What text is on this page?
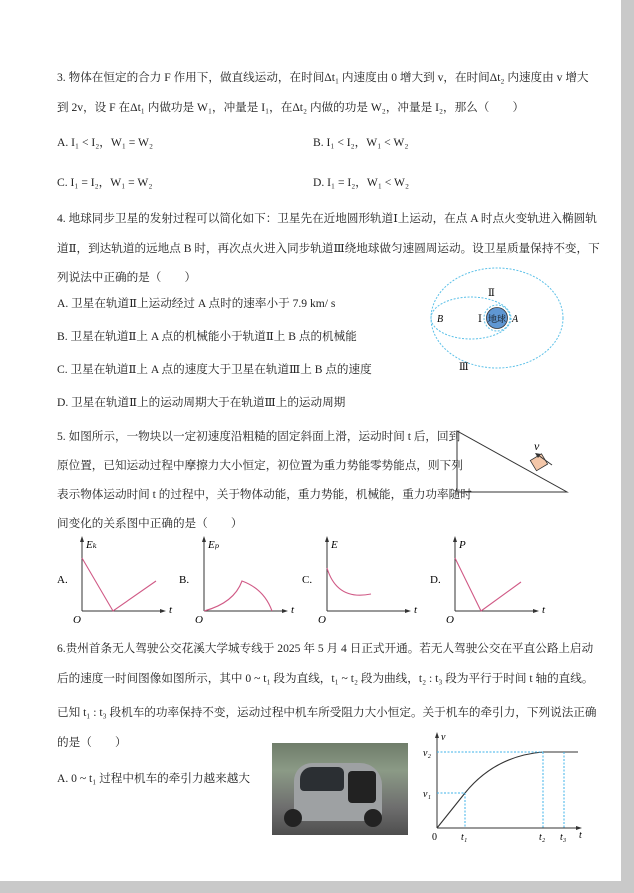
3. 物体在恒定的合力 F 作用下，做直线运动，在时间Δt₁ 内速度由 0 增大到 v，在时间Δt₂ 内速度由 v 增大
到 2v，设 F 在Δt₁ 内做功是 W₁，冲量是 I₁，在Δt₂ 内做的功是 W₂，冲量是 I₂，那么（　　）
A. I₁ < I₂，W₁ = W₂	B. I₁ < I₂，W₁ < W₂
C. I₁ = I₂，W₁ = W₂	D. I₁ = I₂，W₁ < W₂
4. 地球同步卫星的发射过程可以简化如下：卫星先在近地圆形轨道Ⅰ上运动，在点 A 时点火变轨进入椭圆轨
道Ⅱ，到达轨道的远地点 B 时，再次点火进入同步轨道Ⅲ绕地球做匀速圆周运动。设卫星质量保持不变，下
列说法中正确的是（　　）
A. 卫星在轨道Ⅱ上运动经过 A 点时的速率小于 7.9 km/ s
B. 卫星在轨道Ⅱ上 A 点的机械能小于轨道Ⅱ上 B 点的机械能
C. 卫星在轨道Ⅱ上 A 点的速度大于卫星在轨道Ⅲ上 B 点的速度
D. 卫星在轨道Ⅱ上的运动周期大于在轨道Ⅲ上的运动周期
地球 A
B	Ⅰ
Ⅱ
Ⅲ
5. 如图所示，一物块以一定初速度沿粗糙的固定斜面上滑，运动时间 t 后，回到
原位置，已知运动过程中摩擦力大小恒定，初位置为重力势能零势能点，则下列
表示物体运动时间 t 的过程中，关于物体动能，重力势能，机械能，重力功率随时
间变化的关系图中正确的是（　　）
v
A.
Eₖ
t
O
B.
Eₚ
t
O
C.
E
t
O
D.
P
t
O
6.贵州首条无人驾驶公交花溪大学城专线于 2025 年 5 月 4 日正式开通。若无人驾驶公交在平直公路上启动
后的速度一时间图像如图所示，其中 0 ~ t₁ 段为直线，t₁ ~ t₂ 段为曲线，t₂ : t₃ 段为平行于时间 t 轴的直线。
已知 t₁ : t₃ 段机车的功率保持不变，运动过程中机车所受阻力大小恒定。关于机车的牵引力，下列说法正确
的是（　　）
A. 0 ~ t₁ 过程中机车的牵引力越来越大
v
t
0
v₂
v₁
t₁	t₂ t₃
